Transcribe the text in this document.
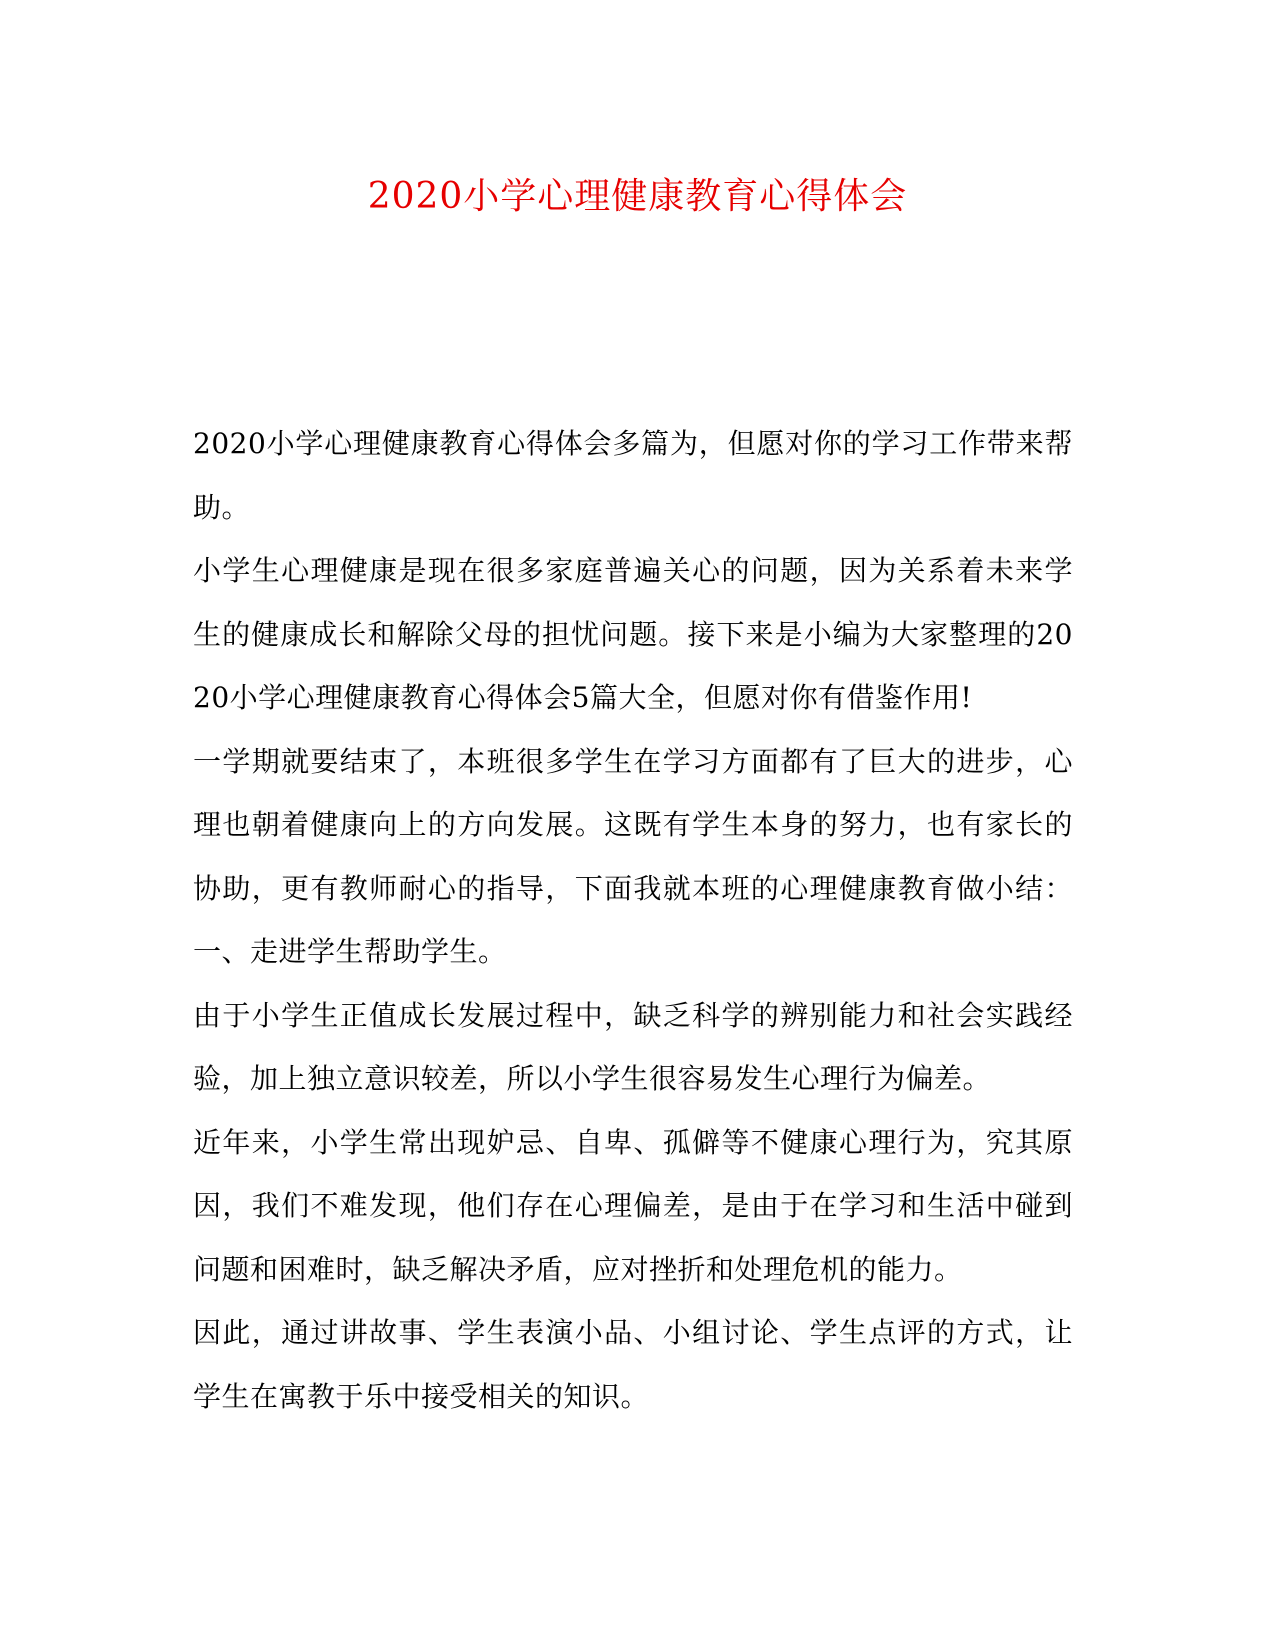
2020小学心理健康教育心得体会
2020小学心理健康教育心得体会多篇为，但愿对你的学习工作带来帮
助。
小学生心理健康是现在很多家庭普遍关心的问题，因为关系着未来学
生的健康成长和解除父母的担忧问题。接下来是小编为大家整理的20
20小学心理健康教育心得体会5篇大全，但愿对你有借鉴作用!
一学期就要结束了，本班很多学生在学习方面都有了巨大的进步，心
理也朝着健康向上的方向发展。这既有学生本身的努力，也有家长的
协助，更有教师耐心的指导，下面我就本班的心理健康教育做小结：
一、走进学生帮助学生。
由于小学生正值成长发展过程中，缺乏科学的辨别能力和社会实践经
验，加上独立意识较差，所以小学生很容易发生心理行为偏差。
近年来，小学生常出现妒忌、自卑、孤僻等不健康心理行为，究其原
因，我们不难发现，他们存在心理偏差，是由于在学习和生活中碰到
问题和困难时，缺乏解决矛盾，应对挫折和处理危机的能力。
因此，通过讲故事、学生表演小品、小组讨论、学生点评的方式，让
学生在寓教于乐中接受相关的知识。
